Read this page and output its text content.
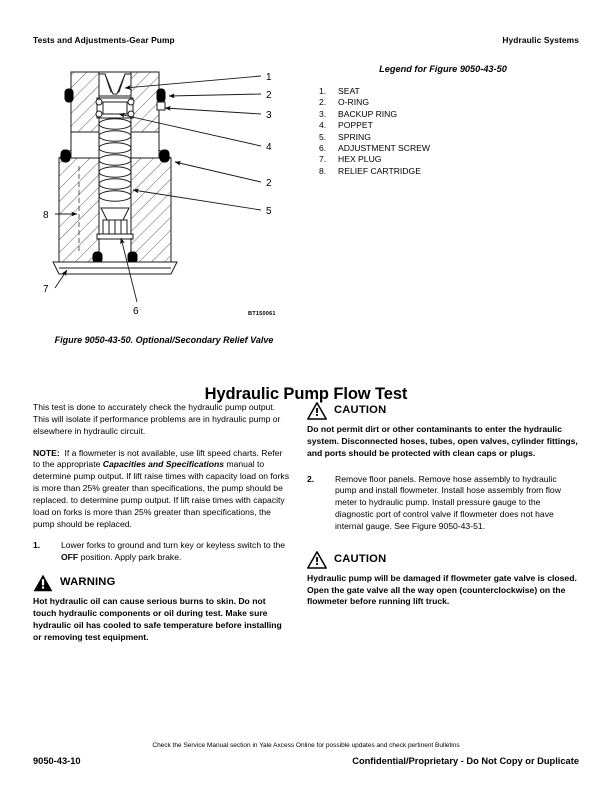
Tests and Adjustments-Gear Pump	Hydraulic Systems
1
2
3
4
2
5
8
7
6	BT150061
Figure 9050-43-50. Optional/Secondary Relief Valve
Legend for Figure 9050-43-50
1.	SEAT
2.	O-RING
3.	BACKUP RING
4.	POPPET
5.	SPRING
6.	ADJUSTMENT SCREW
7.	HEX PLUG
8.	RELIEF CARTRIDGE
Hydraulic Pump Flow Test

This test is done to accurately check the hydraulic pump output. This will isolate if performance problems are in hydraulic pump or elsewhere in hydraulic circuit.

NOTE: If a flowmeter is not available, use lift speed charts. Refer to the appropriate Capacities and Specifications manual to determine pump output. If lift raise times with capacity load on forks is more than 25% greater than specifications, the pump should be replaced. to determine pump output. If lift raise times with capacity load on forks is more than 25% greater than specifications, the pump should be replaced.

1.	Lower forks to ground and turn key or keyless switch to the OFF position. Apply park brake.
WARNING
Hot hydraulic oil can cause serious burns to skin. Do not touch hydraulic components or oil during test. Make sure hydraulic oil has cooled to safe temperature before installing or removing test equipment.
CAUTION
Do not permit dirt or other contaminants to enter the hydraulic system. Disconnected hoses, tubes, open valves, cylinder fittings, and ports should be protected with clean caps or plugs.
2.	Remove floor panels. Remove hose assembly to hydraulic pump and install flowmeter. Install hose assembly from flow meter to hydraulic pump. Install pressure gauge to the diagnostic port of control valve if flowmeter does not have internal gauge. See Figure 9050-43-51.
CAUTION
Hydraulic pump will be damaged if flowmeter gate valve is closed. Open the gate valve all the way open (counterclockwise) on the flowmeter before running lift truck.
Check the Service Manual section in Yale Axcess Online for possible updates and check pertinent Bulletins
9050-43-10	Confidential/Proprietary - Do Not Copy or Duplicate
